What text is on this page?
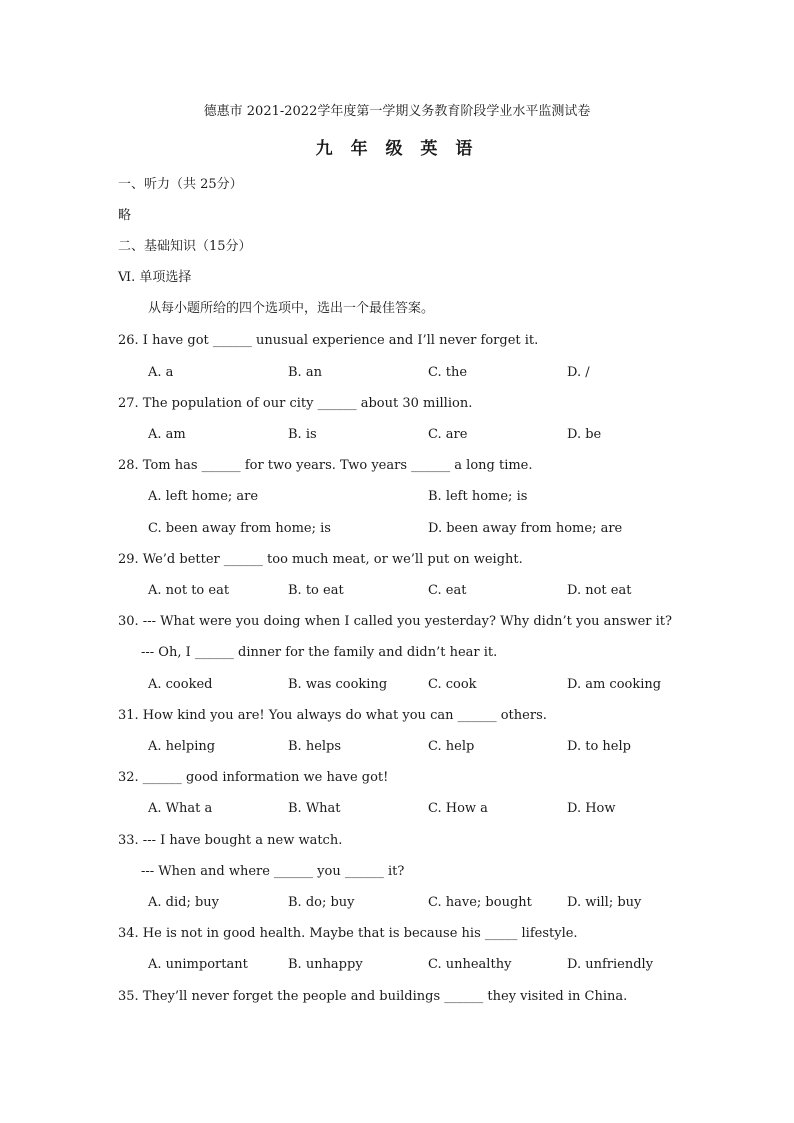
德惠市 2021-2022学年度第一学期义务教育阶段学业水平监测试卷
九 年 级 英 语
一、听力（共 25分）
略
二、基础知识（15分）
Ⅵ. 单项选择
从每小题所给的四个选项中，选出一个最佳答案。
26. I have got ______ unusual experience and I’ll never forget it.
A. a	B. an	C. the	D. /
27. The population of our city ______ about 30 million.
A. am	B. is	C. are	D. be
28. Tom has ______ for two years. Two years ______ a long time.
A. left home; are	B. left home; is
C. been away from home; is	D. been away from home; are
29. We’d better ______ too much meat, or we’ll put on weight.
A. not to eat	B. to eat	C. eat	D. not eat
30. --- What were you doing when I called you yesterday? Why didn’t you answer it?
--- Oh, I ______ dinner for the family and didn’t hear it.
A. cooked	B. was cooking	C. cook	D. am cooking
31. How kind you are! You always do what you can ______ others.
A. helping	B. helps	C. help	D. to help
32. ______ good information we have got!
A. What a	B. What	C. How a	D. How
33. --- I have bought a new watch.
--- When and where ______ you ______ it?
A. did; buy	B. do; buy	C. have; bought	D. will; buy
34. He is not in good health. Maybe that is because his _____ lifestyle.
A. unimportant	B. unhappy	C. unhealthy	D. unfriendly
35. They’ll never forget the people and buildings ______ they visited in China.
